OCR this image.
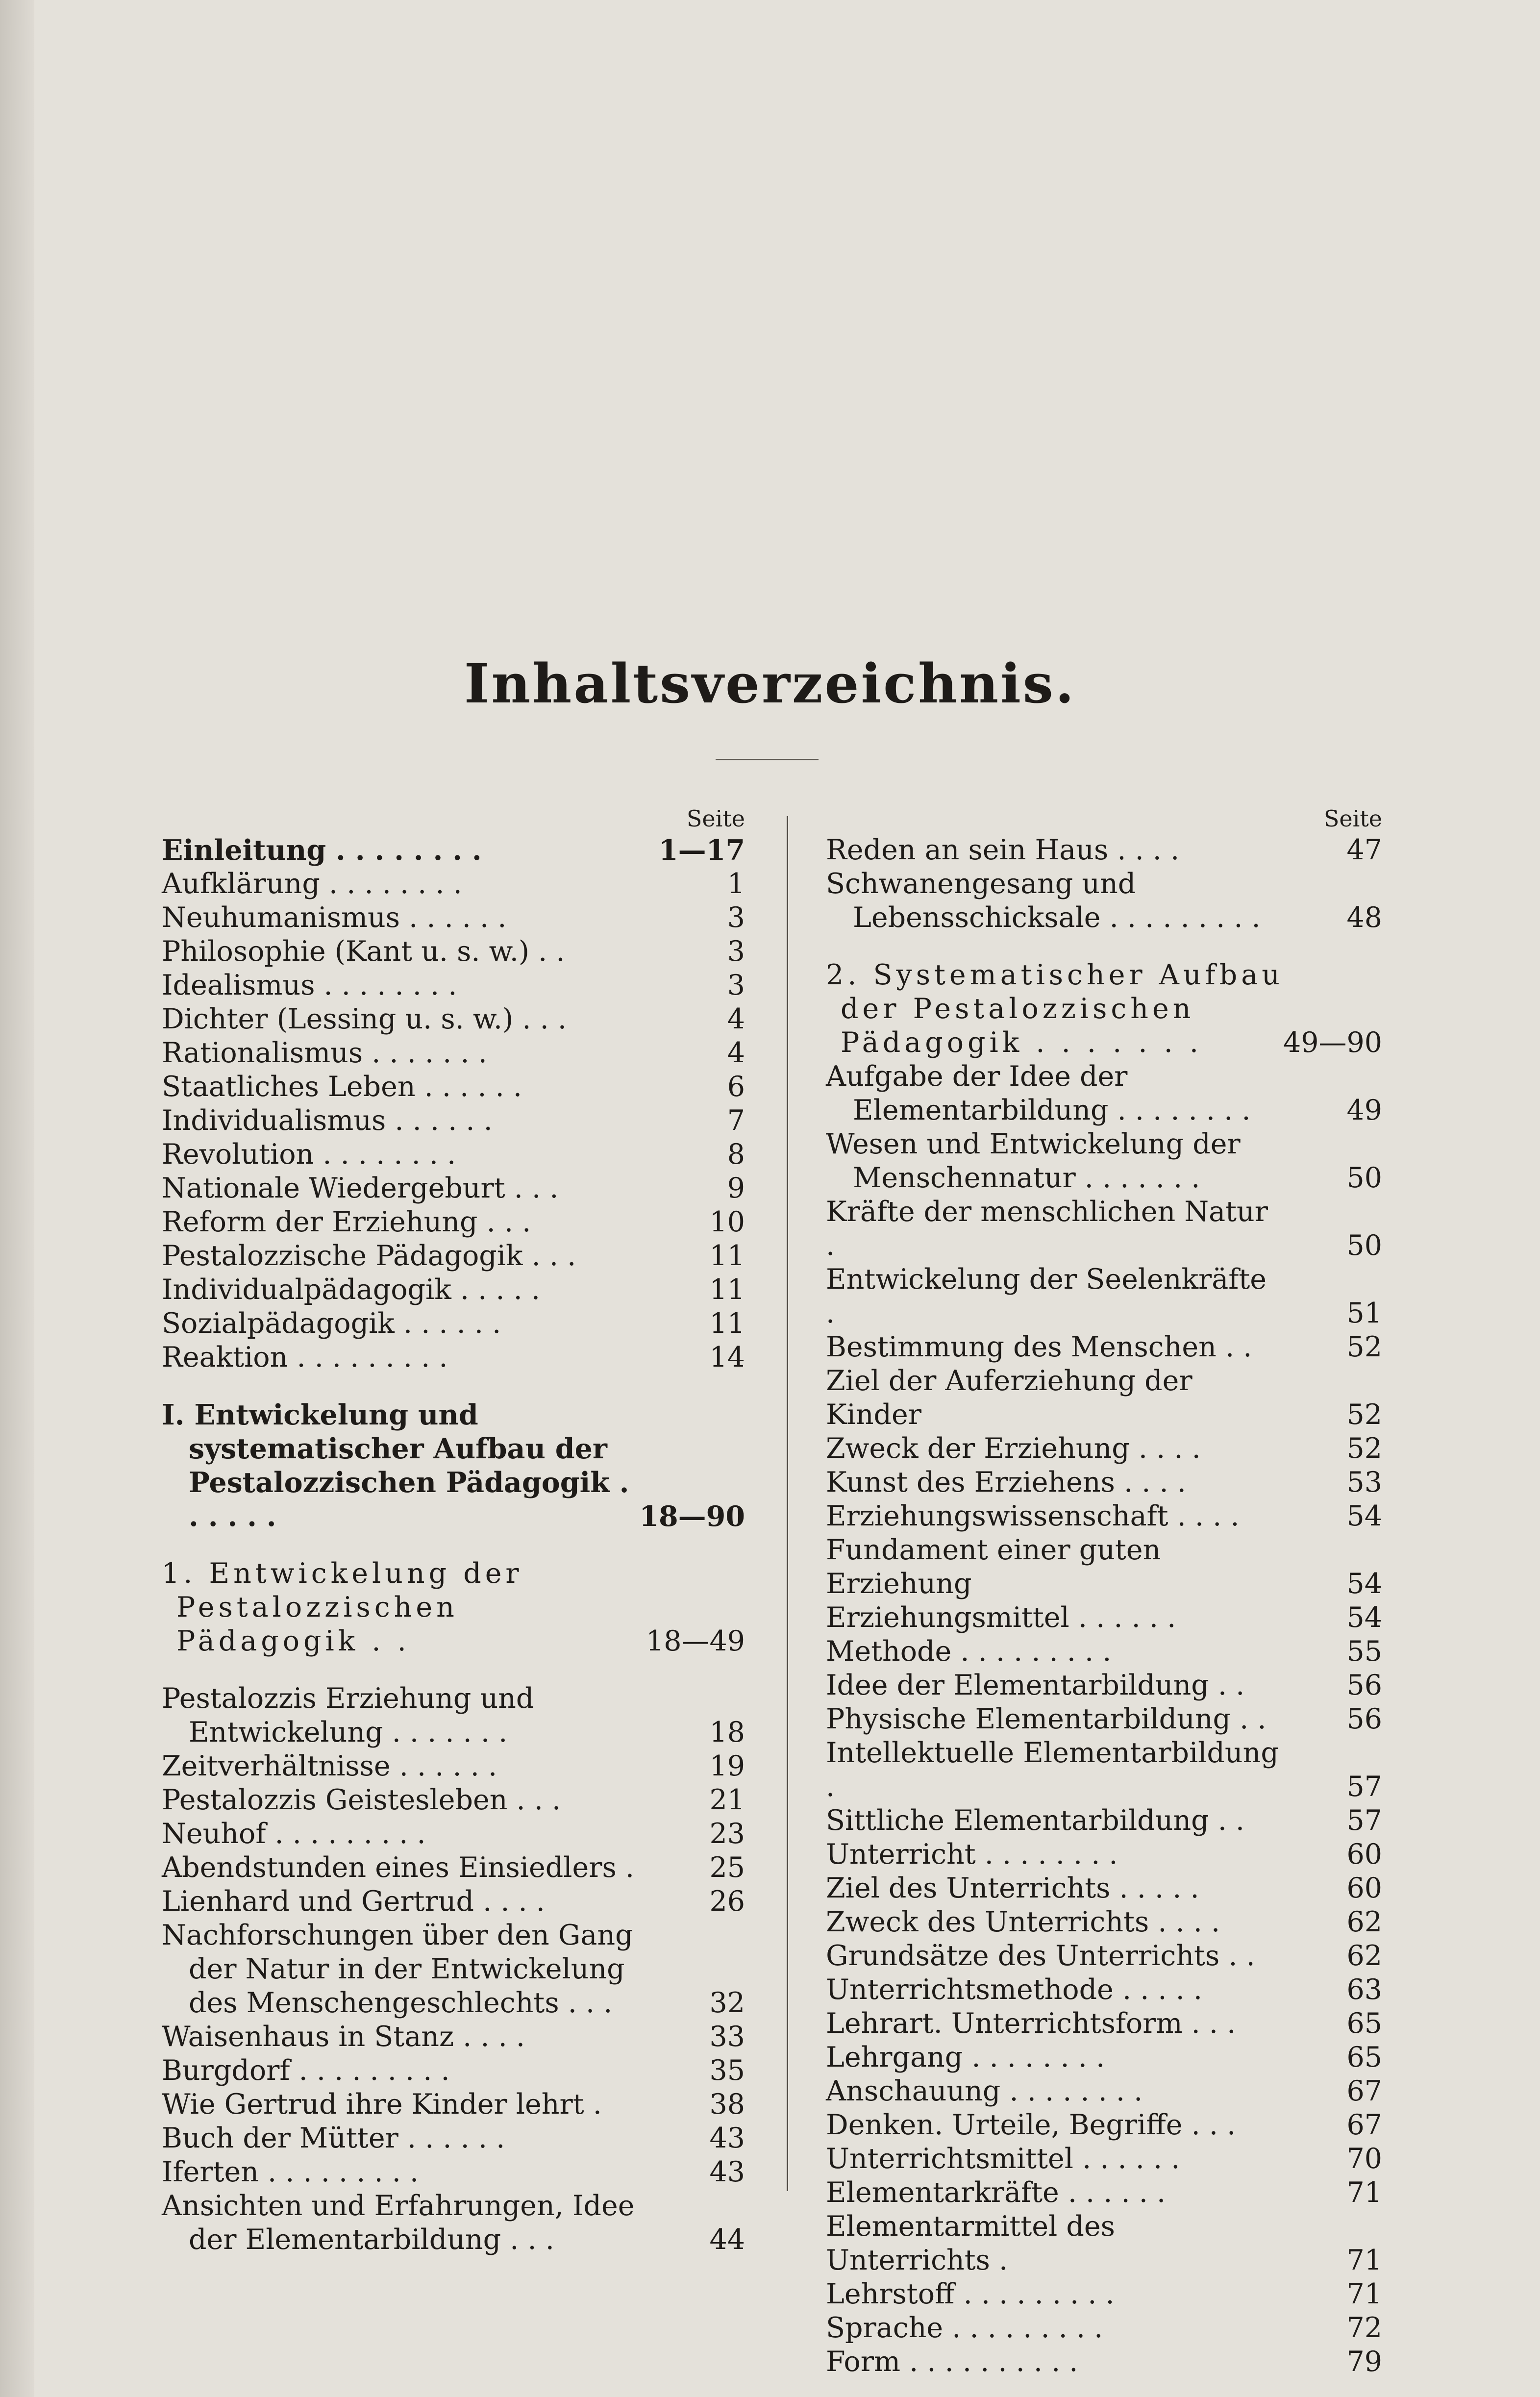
Inhaltsverzeichnis.
Seite
Einleitung . . . . . . . .	1—17
Aufklärung . . . . . . . .	1
Neuhumanismus . . . . . .	3
Philosophie (Kant u. s. w.) . .	3
Idealismus . . . . . . . .	3
Dichter (Lessing u. s. w.) . . .	4
Rationalismus . . . . . . .	4
Staatliches Leben . . . . . .	6
Individualismus . . . . . .	7
Revolution . . . . . . . .	8
Nationale Wiedergeburt . . .	9
Reform der Erziehung . . .	10
Pestalozzische Pädagogik . . .	11
Individualpädagogik . . . . .	11
Sozialpädagogik . . . . . .	11
Reaktion . . . . . . . . .	14
I. Entwickelung und systematischer Aufbau der Pestalozzischen Pädagogik . . . . . .	18—90
1. Entwickelung der Pestalozzischen Pädagogik . .	18—49
Pestalozzis Erziehung und Entwickelung . . . . . . .	18
Zeitverhältnisse . . . . . .	19
Pestalozzis Geistesleben . . .	21
Neuhof . . . . . . . . .	23
Abendstunden eines Einsiedlers .	25
Lienhard und Gertrud . . . .	26
Nachforschungen über den Gang der Natur in der Entwickelung des Menschengeschlechts . . .	32
Waisenhaus in Stanz . . . .	33
Burgdorf . . . . . . . . .	35
Wie Gertrud ihre Kinder lehrt .	38
Buch der Mütter . . . . . .	43
Iferten . . . . . . . . .	43
Ansichten und Erfahrungen, Idee der Elementarbildung . . .	44
Seite
Reden an sein Haus . . . .	47
Schwanengesang und Lebensschicksale . . . . . . . . .	48
2. Systematischer Aufbau der Pestalozzischen Pädagogik . . . . . . .	49—90
Aufgabe der Idee der Elementarbildung . . . . . . . .	49
Wesen und Entwickelung der Menschennatur . . . . . . .	50
Kräfte der menschlichen Natur .	50
Entwickelung der Seelenkräfte .	51
Bestimmung des Menschen . .	52
Ziel der Auferziehung der Kinder	52
Zweck der Erziehung . . . .	52
Kunst des Erziehens . . . .	53
Erziehungswissenschaft . . . .	54
Fundament einer guten Erziehung	54
Erziehungsmittel . . . . . .	54
Methode . . . . . . . . .	55
Idee der Elementarbildung . .	56
Physische Elementarbildung . .	56
Intellektuelle Elementarbildung .	57
Sittliche Elementarbildung . .	57
Unterricht . . . . . . . .	60
Ziel des Unterrichts . . . . .	60
Zweck des Unterrichts . . . .	62
Grundsätze des Unterrichts . .	62
Unterrichtsmethode . . . . .	63
Lehrart. Unterrichtsform . . .	65
Lehrgang . . . . . . . .	65
Anschauung . . . . . . . .	67
Denken. Urteile, Begriffe . . .	67
Unterrichtsmittel . . . . . .	70
Elementarkräfte . . . . . .	71
Elementarmittel des Unterrichts .	71
Lehrstoff . . . . . . . . .	71
Sprache . . . . . . . . .	72
Form . . . . . . . . . .	79
